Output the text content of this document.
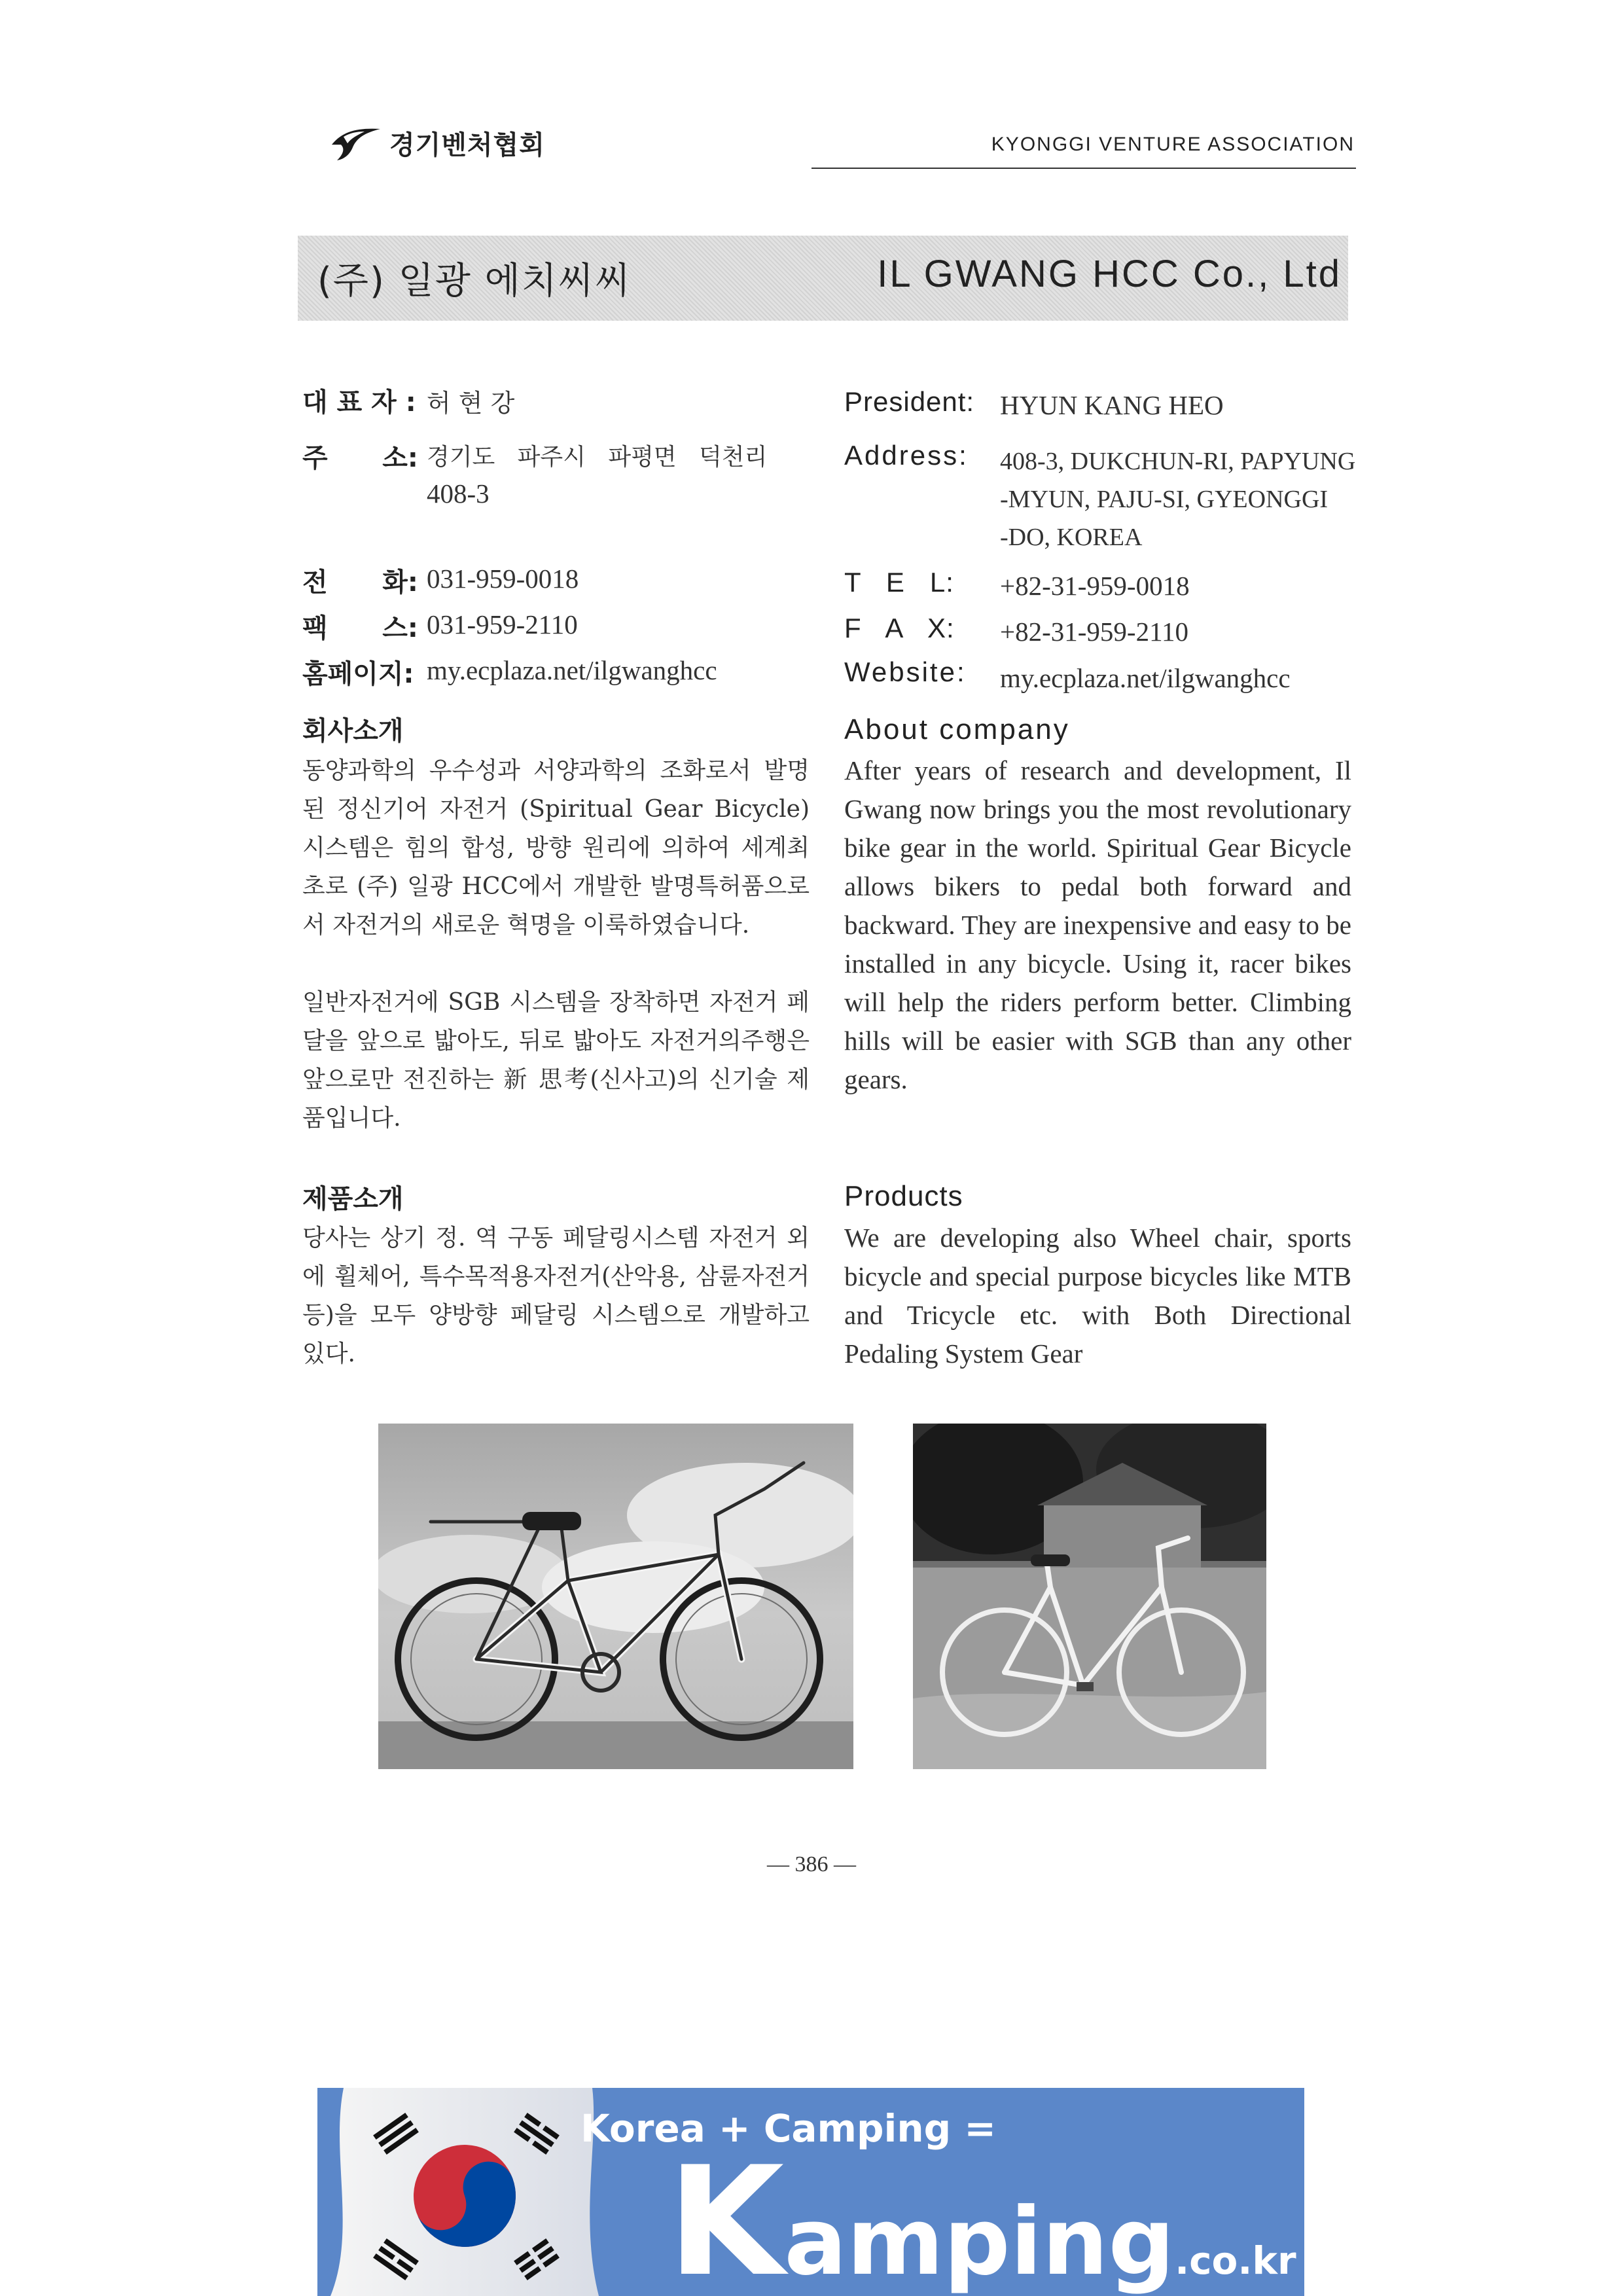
경기벤처협회	KYONGGI VENTURE ASSOCIATION
(주) 일광 에치씨씨	IL GWANG HCC Co., Ltd
대 표 자 : 허 현 강
주      소: 경기도   파주시   파평면   덕천리
408-3
전      화: 031-959-0018
팩      스: 031-959-2110
홈페이지: my.ecplaza.net/ilgwanghcc
President: HYUN KANG HEO
Address: 408-3, DUKCHUN-RI, PAPYUNG
-MYUN, PAJU-SI, GYEONGGI
-DO, KOREA
T   E   L: +82-31-959-0018
F   A   X: +82-31-959-2110
Website: my.ecplaza.net/ilgwanghcc
회사소개	About company
동양과학의 우수성과 서양과학의 조화로서 발명된 정신기어 자전거 (Spiritual Gear Bicycle) 시스템은 힘의 합성, 방향 원리에 의하여 세계최초로 (주) 일광 HCC에서 개발한 발명특허품으로서 자전거의 새로운 혁명을 이룩하였습니다.
일반자전거에 SGB 시스템을 장착하면 자전거 페달을 앞으로 밟아도, 뒤로 밟아도 자전거의주행은 앞으로만 전진하는 新 思考(신사고)의 신기술 제품입니다.
After years of research and development, Il Gwang now brings you the most revolutionary bike gear in the world. Spiritual Gear Bicycle allows bikers to pedal both forward and backward. They are inexpensive and easy to be installed in any bicycle. Using it, racer bikes will help the riders perform better. Climbing hills will be easier with SGB than any other gears.
제품소개	Products
당사는 상기 정. 역 구동 페달링시스템 자전거 외에 휠체어, 특수목적용자전거(산악용, 삼륜자전거 등)을 모두 양방향 페달링 시스템으로 개발하고 있다.
We are developing also Wheel chair, sports bicycle and special purpose bicycles like MTB and Tricycle etc. with Both Directional Pedaling System Gear
— 386 —
Korea + Camping =
Kamping.co.kr
